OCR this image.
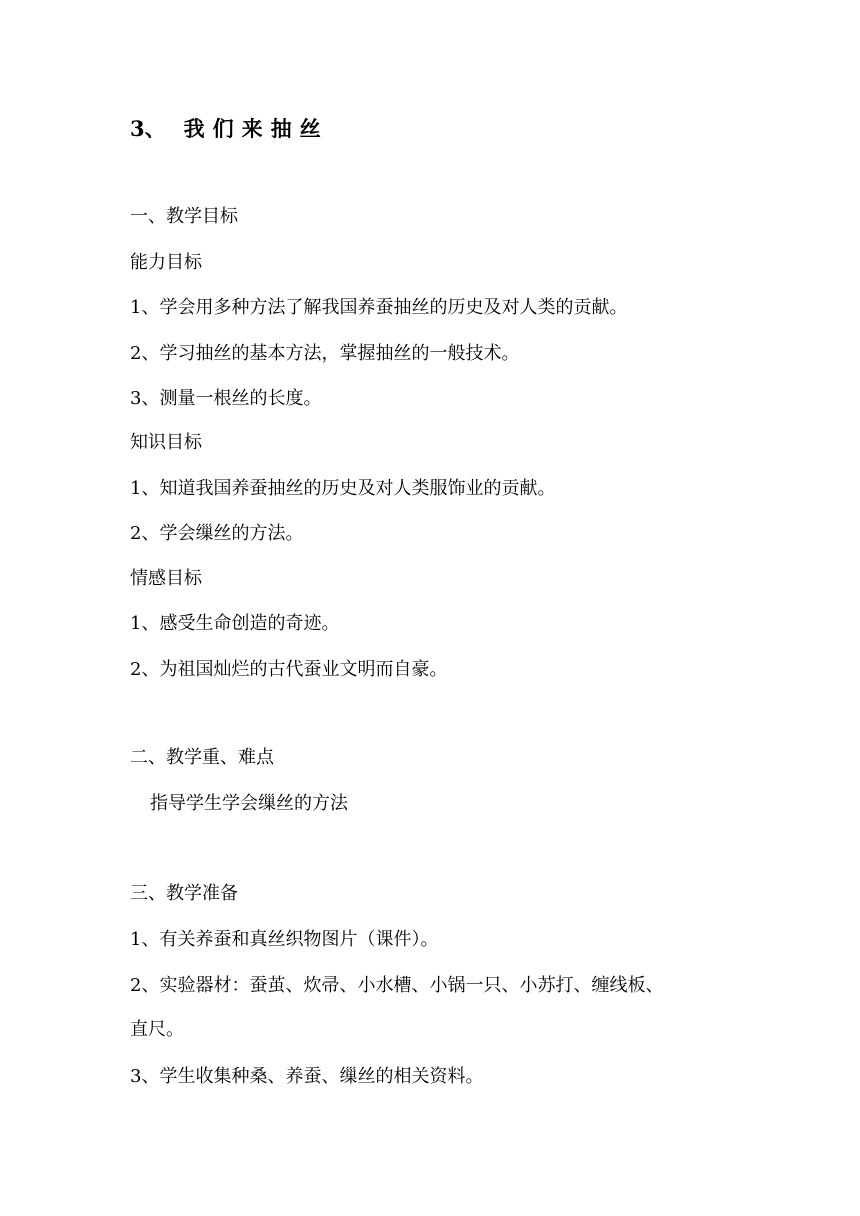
3、 我们来抽丝
一、教学目标
能力目标
1、学会用多种方法了解我国养蚕抽丝的历史及对人类的贡献。
2、学习抽丝的基本方法，掌握抽丝的一般技术。
3、测量一根丝的长度。
知识目标
1、知道我国养蚕抽丝的历史及对人类服饰业的贡献。
2、学会缫丝的方法。
情感目标
1、感受生命创造的奇迹。
2、为祖国灿烂的古代蚕业文明而自豪。
二、教学重、难点
指导学生学会缫丝的方法
三、教学准备
1、有关养蚕和真丝织物图片（课件）。
2、实验器材：蚕茧、炊帚、小水槽、小锅一只、小苏打、缠线板、
直尺。
3、学生收集种桑、养蚕、缫丝的相关资料。
